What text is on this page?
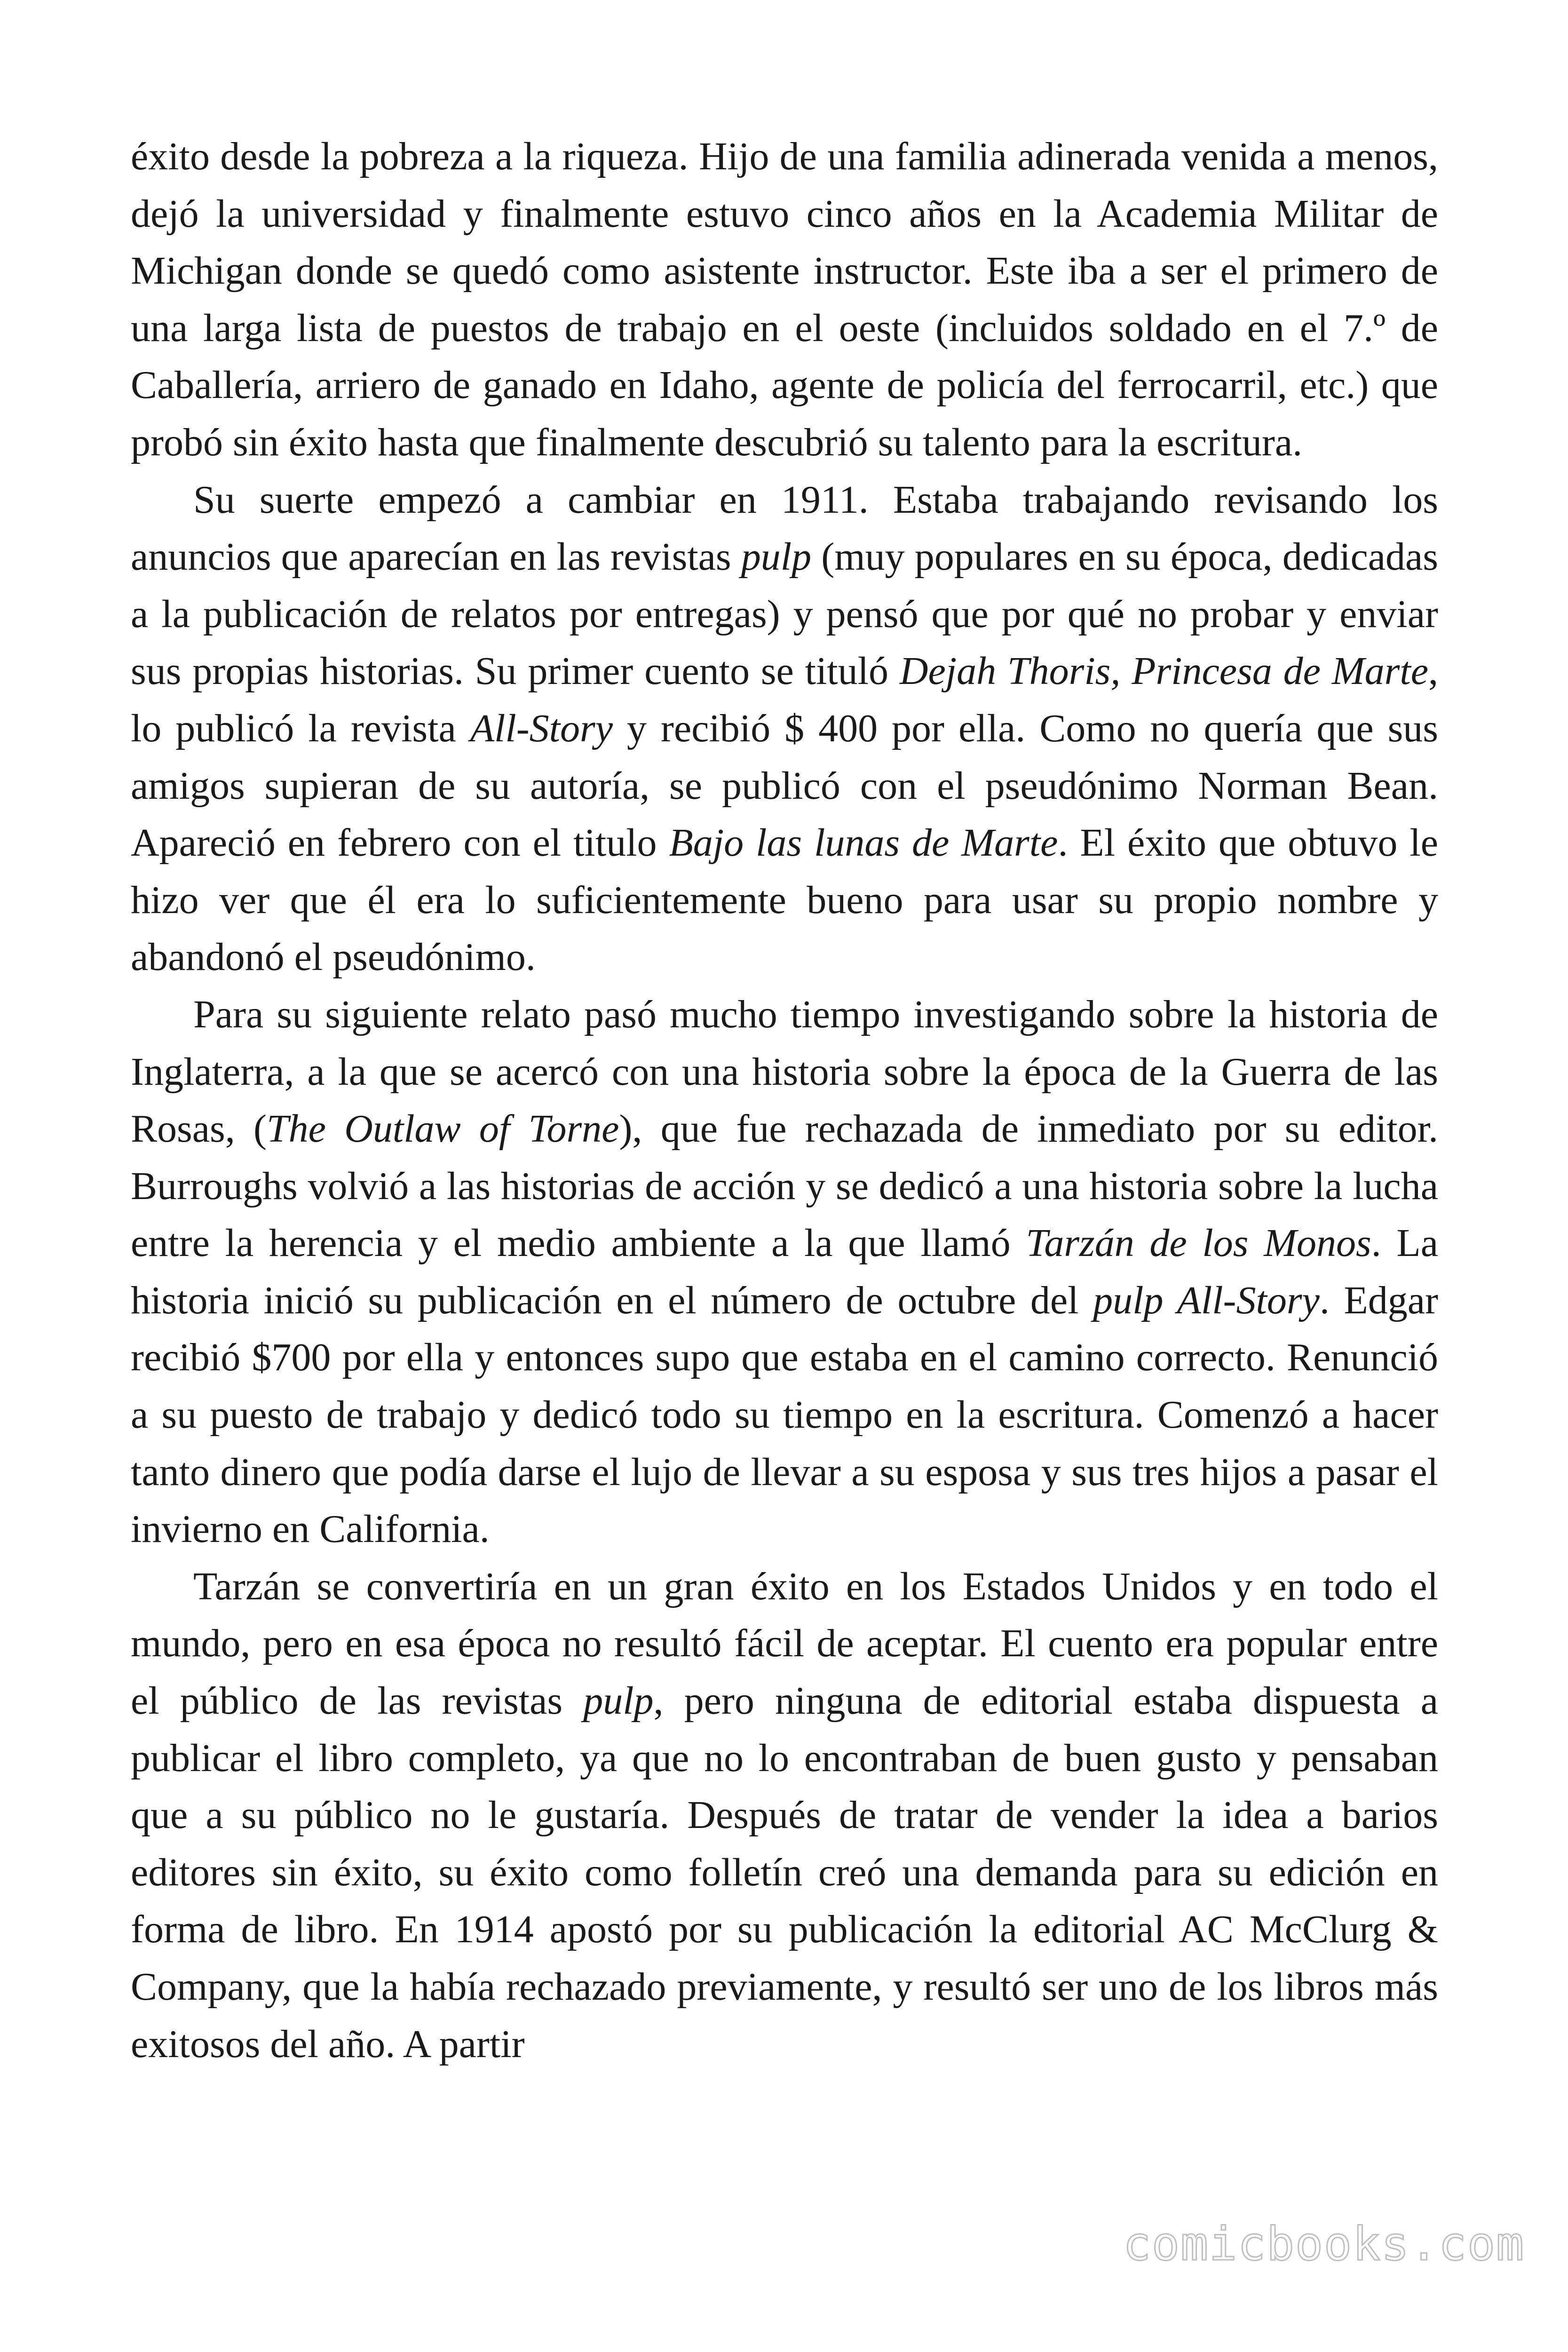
éxito desde la pobreza a la riqueza. Hijo de una familia adinerada venida a menos, dejó la universidad y finalmente estuvo cinco años en la Academia Militar de Michigan donde se quedó como asistente instructor. Este iba a ser el primero de una larga lista de puestos de trabajo en el oeste (incluidos soldado en el 7.º de Caballería, arriero de ganado en Idaho, agente de policía del ferrocarril, etc.) que probó sin éxito hasta que finalmente descubrió su talento para la escritura.

Su suerte empezó a cambiar en 1911. Estaba trabajando revisando los anuncios que aparecían en las revistas pulp (muy populares en su época, dedicadas a la publicación de relatos por entregas) y pensó que por qué no probar y enviar sus propias historias. Su primer cuento se tituló Dejah Thoris, Princesa de Marte, lo publicó la revista All-Story y recibió $ 400 por ella. Como no quería que sus amigos supieran de su autoría, se publicó con el pseudónimo Norman Bean. Apareció en febrero con el titulo Bajo las lunas de Marte. El éxito que obtuvo le hizo ver que él era lo suficientemente bueno para usar su propio nombre y abandonó el pseudónimo.

Para su siguiente relato pasó mucho tiempo investigando sobre la historia de Inglaterra, a la que se acercó con una historia sobre la época de la Guerra de las Rosas, (The Outlaw of Torne), que fue rechazada de inmediato por su editor. Burroughs volvió a las historias de acción y se dedicó a una historia sobre la lucha entre la herencia y el medio ambiente a la que llamó Tarzán de los Monos. La historia inició su publicación en el número de octubre del pulp All-Story. Edgar recibió $700 por ella y entonces supo que estaba en el camino correcto. Renunció a su puesto de trabajo y dedicó todo su tiempo en la escritura. Comenzó a hacer tanto dinero que podía darse el lujo de llevar a su esposa y sus tres hijos a pasar el invierno en California.

Tarzán se convertiría en un gran éxito en los Estados Unidos y en todo el mundo, pero en esa época no resultó fácil de aceptar. El cuento era popular entre el público de las revistas pulp, pero ninguna de editorial estaba dispuesta a publicar el libro completo, ya que no lo encontraban de buen gusto y pensaban que a su público no le gustaría. Después de tratar de vender la idea a barios editores sin éxito, su éxito como folletín creó una demanda para su edición en forma de libro. En 1914 apostó por su publicación la editorial AC McClurg & Company, que la había rechazado previamente, y resultó ser uno de los libros más exitosos del año. A partir

comicbooks.com
